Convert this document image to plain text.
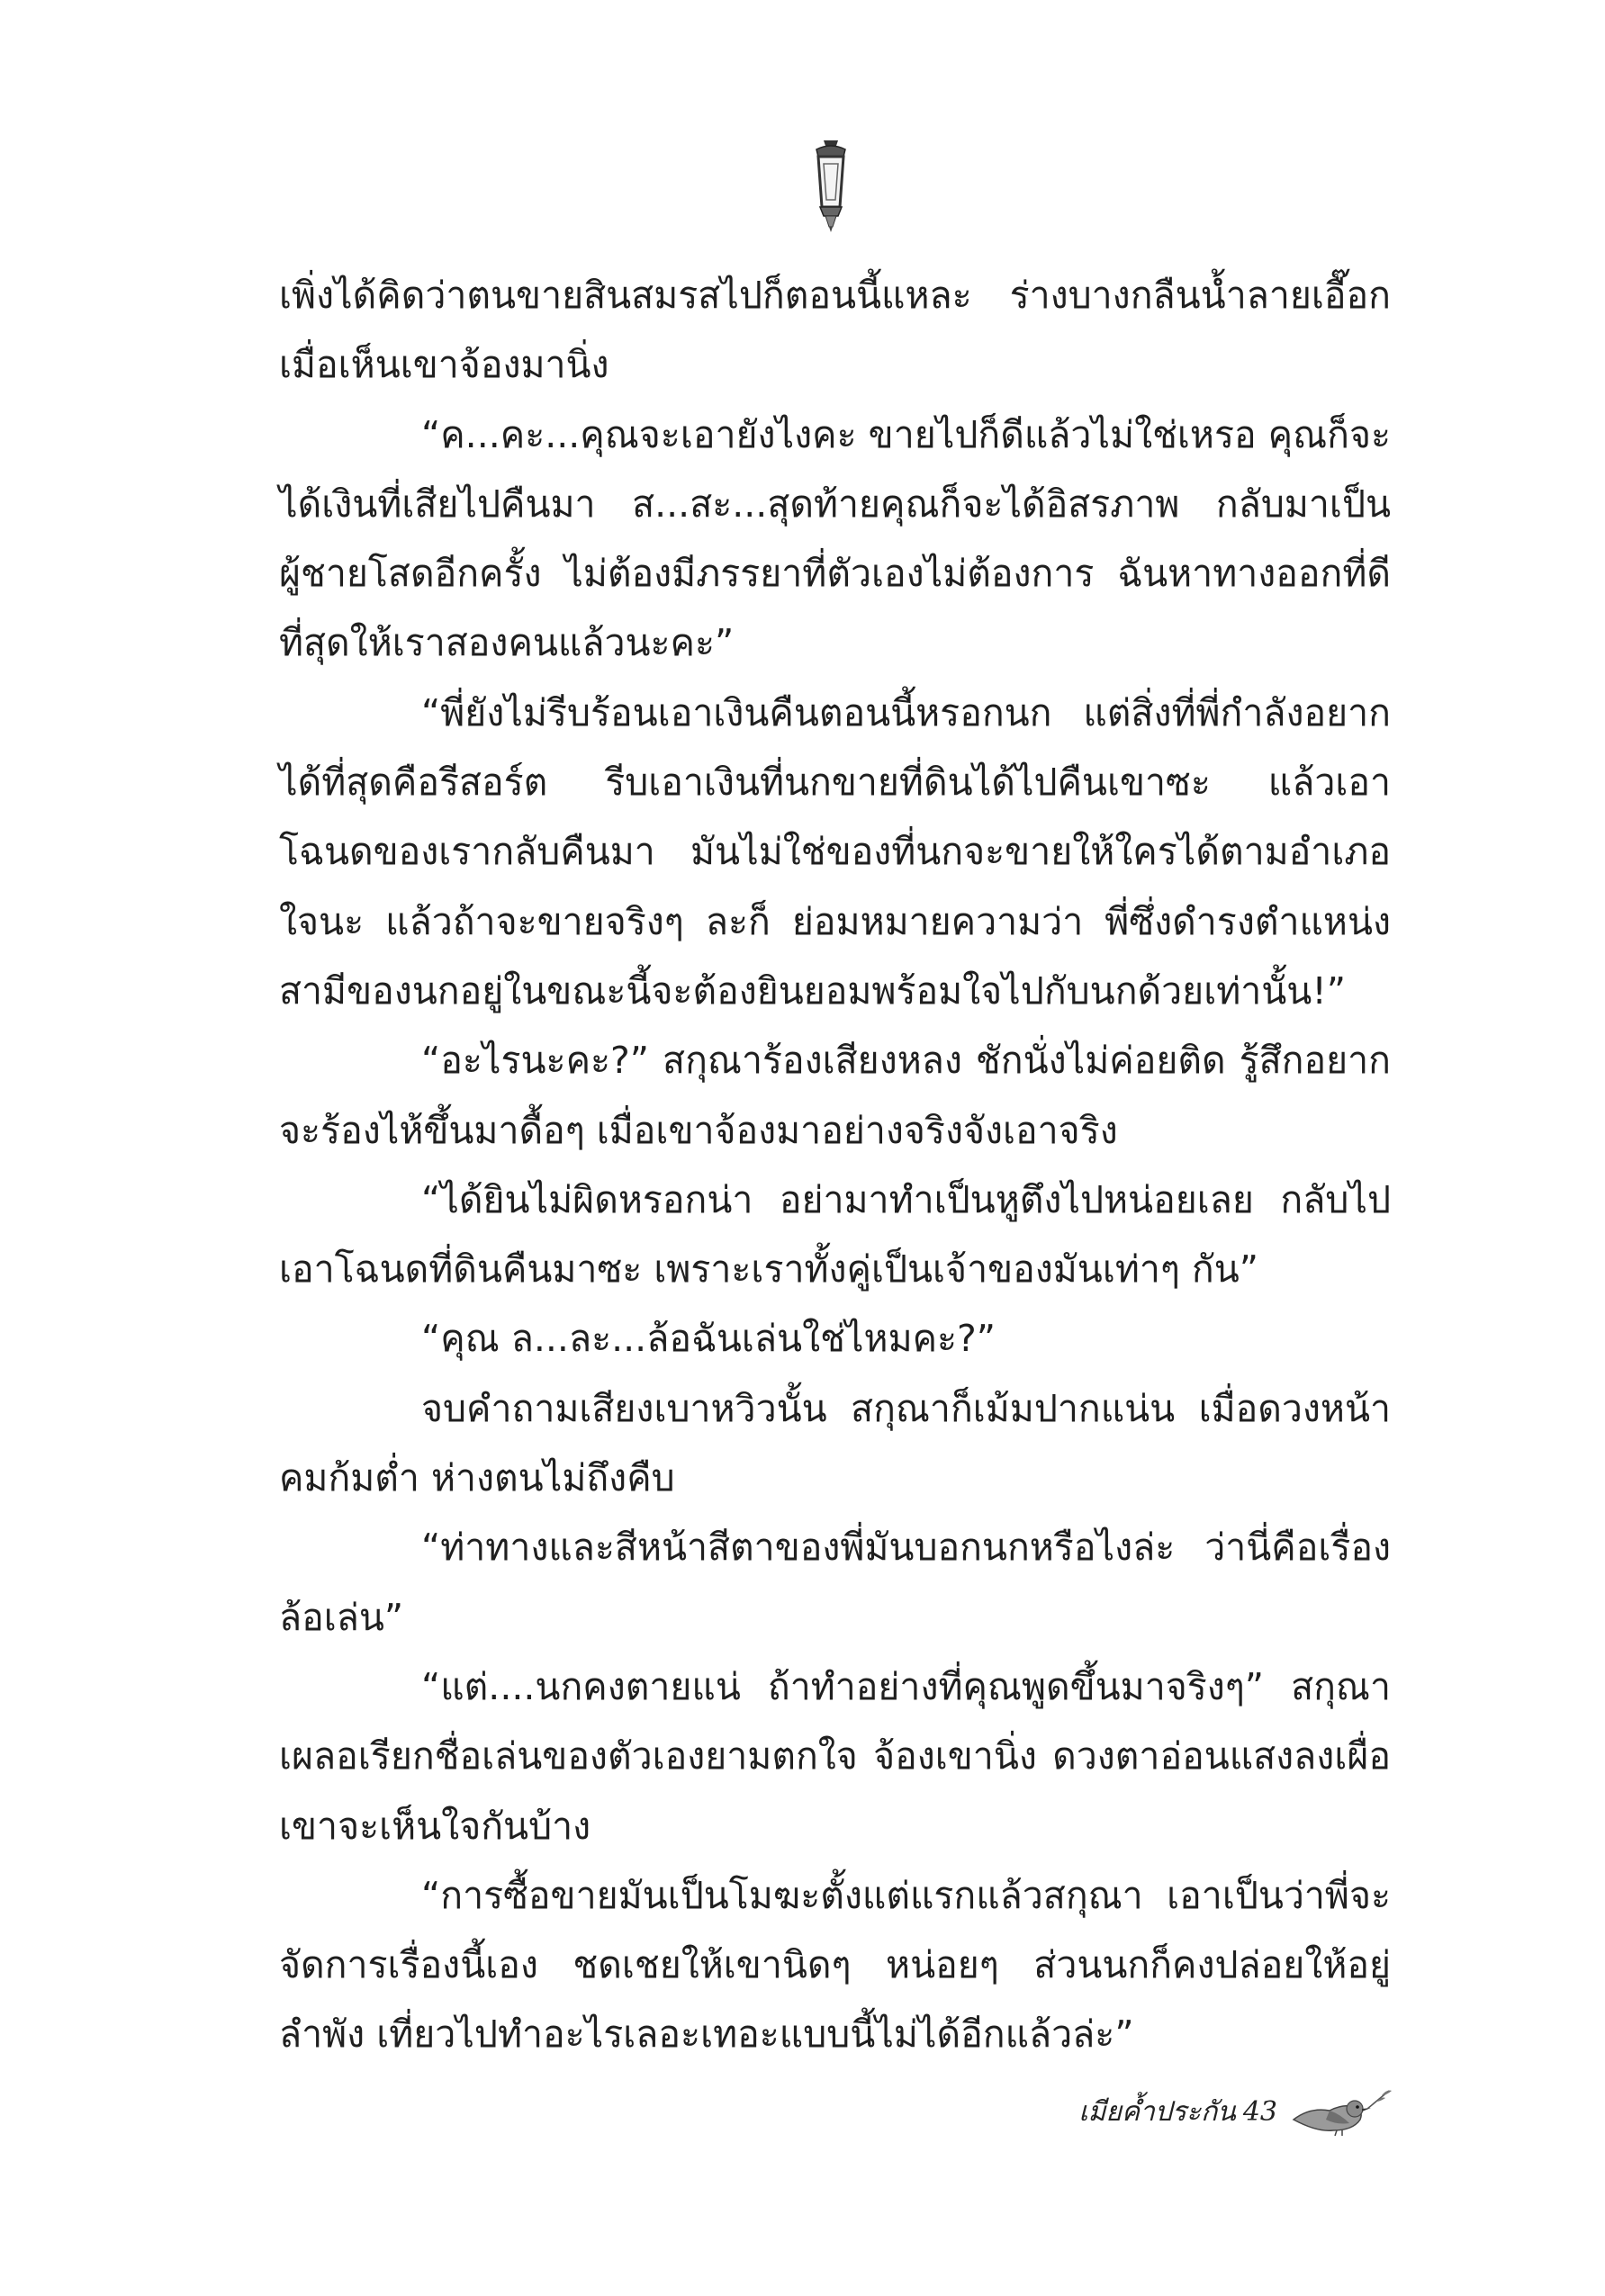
เพิ่งได้คิดว่าตนขายสินสมรสไปก็ตอนนี้แหละ ร่างบางกลืนน้ำลายเอื๊อก เมื่อเห็นเขาจ้องมานิ่ง

“ค...คะ...คุณจะเอายังไงคะ ขายไปก็ดีแล้วไม่ใช่เหรอ คุณก็จะได้เงินที่เสียไปคืนมา ส...สะ...สุดท้ายคุณก็จะได้อิสรภาพ กลับมาเป็นผู้ชายโสดอีกครั้ง ไม่ต้องมีภรรยาที่ตัวเองไม่ต้องการ ฉันหาทางออกที่ดีที่สุดให้เราสองคนแล้วนะคะ”

“พี่ยังไม่รีบร้อนเอาเงินคืนตอนนี้หรอกนก แต่สิ่งที่พี่กำลังอยากได้ที่สุดคือรีสอร์ต รีบเอาเงินที่นกขายที่ดินได้ไปคืนเขาซะ แล้วเอาโฉนดของเรากลับคืนมา มันไม่ใช่ของที่นกจะขายให้ใครได้ตามอำเภอใจนะ แล้วถ้าจะขายจริงๆ ละก็ ย่อมหมายความว่า พี่ซึ่งดำรงตำแหน่งสามีของนกอยู่ในขณะนี้จะต้องยินยอมพร้อมใจไปกับนกด้วยเท่านั้น!”

“อะไรนะคะ?” สกุณาร้องเสียงหลง ชักนั่งไม่ค่อยติด รู้สึกอยากจะร้องไห้ขึ้นมาดื้อๆ เมื่อเขาจ้องมาอย่างจริงจังเอาจริง

“ได้ยินไม่ผิดหรอกน่า อย่ามาทำเป็นหูตึงไปหน่อยเลย กลับไปเอาโฉนดที่ดินคืนมาซะ เพราะเราทั้งคู่เป็นเจ้าของมันเท่าๆ กัน”

“คุณ ล...ละ...ล้อฉันเล่นใช่ไหมคะ?”

จบคำถามเสียงเบาหวิวนั้น สกุณาก็เม้มปากแน่น เมื่อดวงหน้าคมก้มต่ำ ห่างตนไม่ถึงคืบ

“ท่าทางและสีหน้าสีตาของพี่มันบอกนกหรือไงล่ะ ว่านี่คือเรื่องล้อเล่น”

“แต่....นกคงตายแน่ ถ้าทำอย่างที่คุณพูดขึ้นมาจริงๆ” สกุณาเผลอเรียกชื่อเล่นของตัวเองยามตกใจ จ้องเขานิ่ง ดวงตาอ่อนแสงลงเผื่อเขาจะเห็นใจกันบ้าง

“การซื้อขายมันเป็นโมฆะตั้งแต่แรกแล้วสกุณา เอาเป็นว่าพี่จะจัดการเรื่องนี้เอง ชดเชยให้เขานิดๆ หน่อยๆ ส่วนนกก็คงปล่อยให้อยู่ลำพัง เที่ยวไปทำอะไรเลอะเทอะแบบนี้ไม่ได้อีกแล้วล่ะ”

เมียค้ำประกัน 43
